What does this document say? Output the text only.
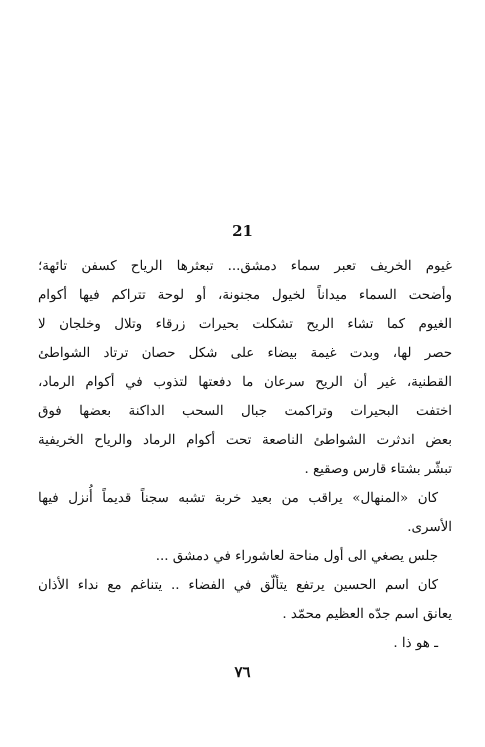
21
غيوم الخريف تعبر سماء دمشق... تبعثرها الرياح كسفن تائهة؛
وأضحت السماء ميداناً لخيول مجنونة، أو لوحة تتراكم فيها أكوام
الغيوم كما تشاء الريح تشكلت بحيرات زرقاء وتلال وخلجان لا
حصر لها، وبدت غيمة بيضاء على شكل حصان ترتاد الشواطئ
القطنية، غير أن الريح سرعان ما دفعتها لتذوب في أكوام الرماد،
اختفت البحيرات وتراكمت جبال السحب الداكنة بعضها فوق
بعض اندثرت الشواطئ الناصعة تحت أكوام الرماد والرياح الخريفية
تبشّر بشتاء قارس وصقيع .
كان «المنهال» يراقب من بعيد خربة تشبه سجناً قديماً أُنزل فيها
الأسرى.
جلس يصغي الى أول مناحة لعاشوراء في دمشق ...
كان اسم الحسين يرتفع يتألّق في الفضاء .. يتناغم مع نداء الأذان
يعانق اسم جدّه العظيم محمّد .
ـ هو ذا .
٧٦
